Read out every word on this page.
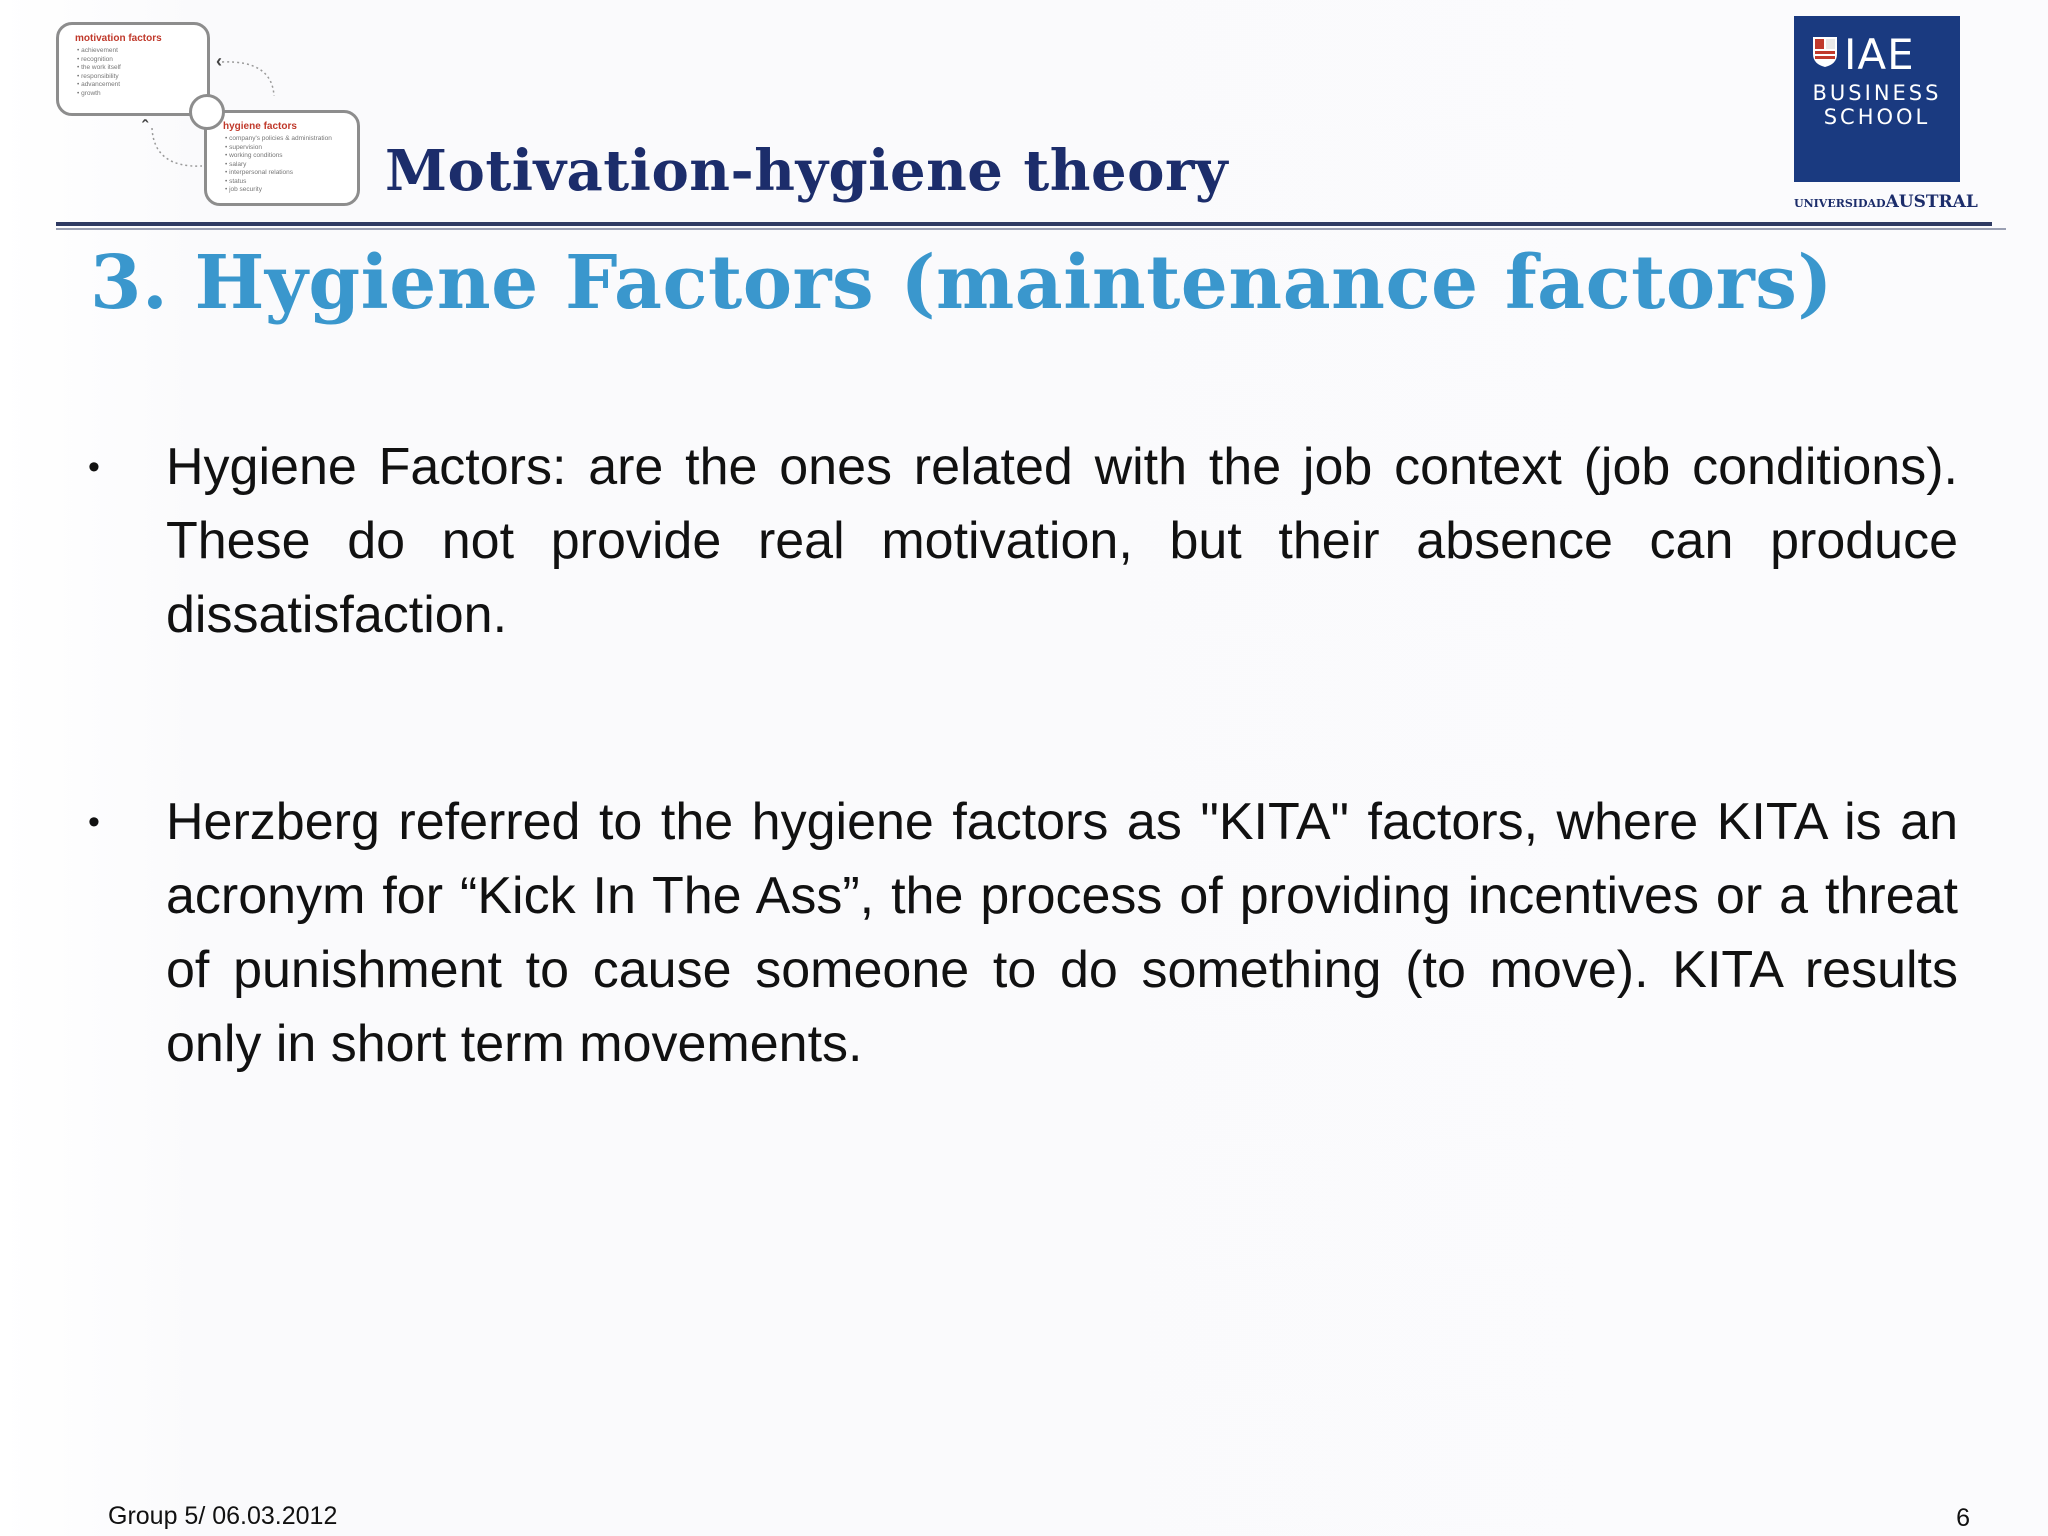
motivation factors
• achievement
• recognition
• the work itself
• responsibility
• advancement
• growth
hygiene factors
• company's policies & administration
• supervision
• working conditions
• salary
• interpersonal relations
• status
• job security
‹
ˆ
Motivation-hygiene theory
IAE
BUSINESS
SCHOOL
UNIVERSIDADAUSTRAL
3. Hygiene Factors (maintenance factors)
• Hygiene Factors: are the ones related with the job context (job conditions). These do not provide real motivation, but their absence can produce dissatisfaction.
• Herzberg referred to the hygiene factors as "KITA" factors, where KITA is an acronym for “Kick In The Ass”, the process of providing incentives or a threat of punishment to cause someone to do something (to move). KITA results only in short term movements.
Group 5/ 06.03.2012	6
